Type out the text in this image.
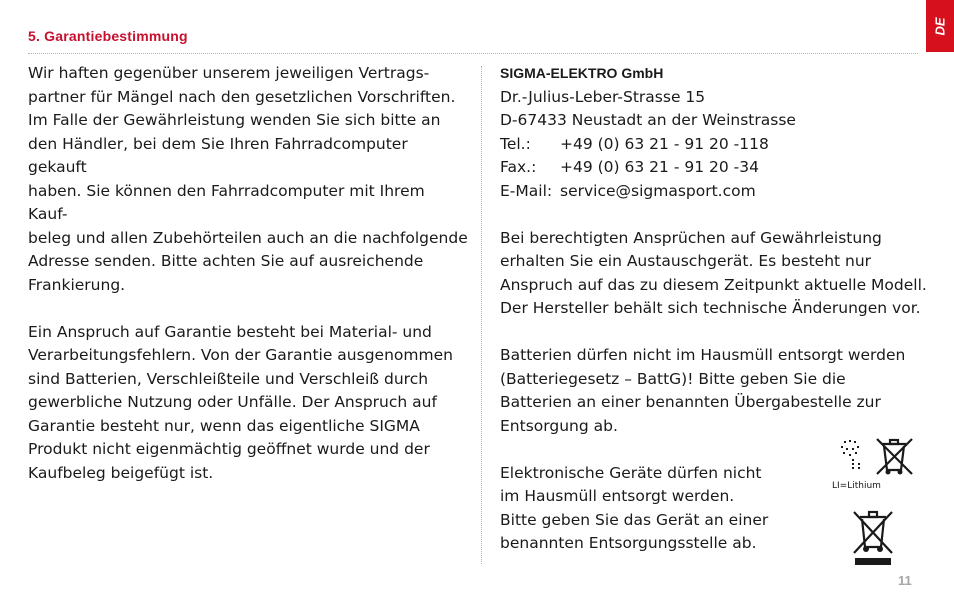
5. Garantiebestimmung
DE

Wir haften gegenüber unserem jeweiligen Vertrags-
partner für Mängel nach den gesetzlichen Vorschriften.
Im Falle der Gewährleistung wenden Sie sich bitte an
den Händler, bei dem Sie Ihren Fahrradcomputer gekauft
haben. Sie können den Fahrradcomputer mit Ihrem Kauf-
beleg und allen Zubehörteilen auch an die nachfolgende
Adresse senden. Bitte achten Sie auf ausreichende
Frankierung.

Ein Anspruch auf Garantie besteht bei Material- und
Verarbeitungsfehlern. Von der Garantie ausgenommen
sind Batterien, Verschleißteile und Verschleiß durch
gewerbliche Nutzung oder Unfälle. Der Anspruch auf
Garantie besteht nur, wenn das eigentliche SIGMA
Produkt nicht eigenmächtig geöffnet wurde und der
Kaufbeleg beigefügt ist.

SIGMA-ELEKTRO GmbH
Dr.-Julius-Leber-Strasse 15
D-67433 Neustadt an der Weinstrasse
Tel.:	+49 (0) 63 21 - 91 20 -118
Fax.:	+49 (0) 63 21 - 91 20 -34
E-Mail: service@sigmasport.com

Bei berechtigten Ansprüchen auf Gewährleistung
erhalten Sie ein Austauschgerät. Es besteht nur
Anspruch auf das zu diesem Zeitpunkt aktuelle Modell.
Der Hersteller behält sich technische Änderungen vor.

Batterien dürfen nicht im Hausmüll entsorgt werden
(Batteriegesetz – BattG)! Bitte geben Sie die
Batterien an einer benannten Übergabestelle zur
Entsorgung ab.

Elektronische Geräte dürfen nicht
im Hausmüll entsorgt werden.
Bitte geben Sie das Gerät an einer
benannten Entsorgungsstelle ab.

LI=Lithium
11
